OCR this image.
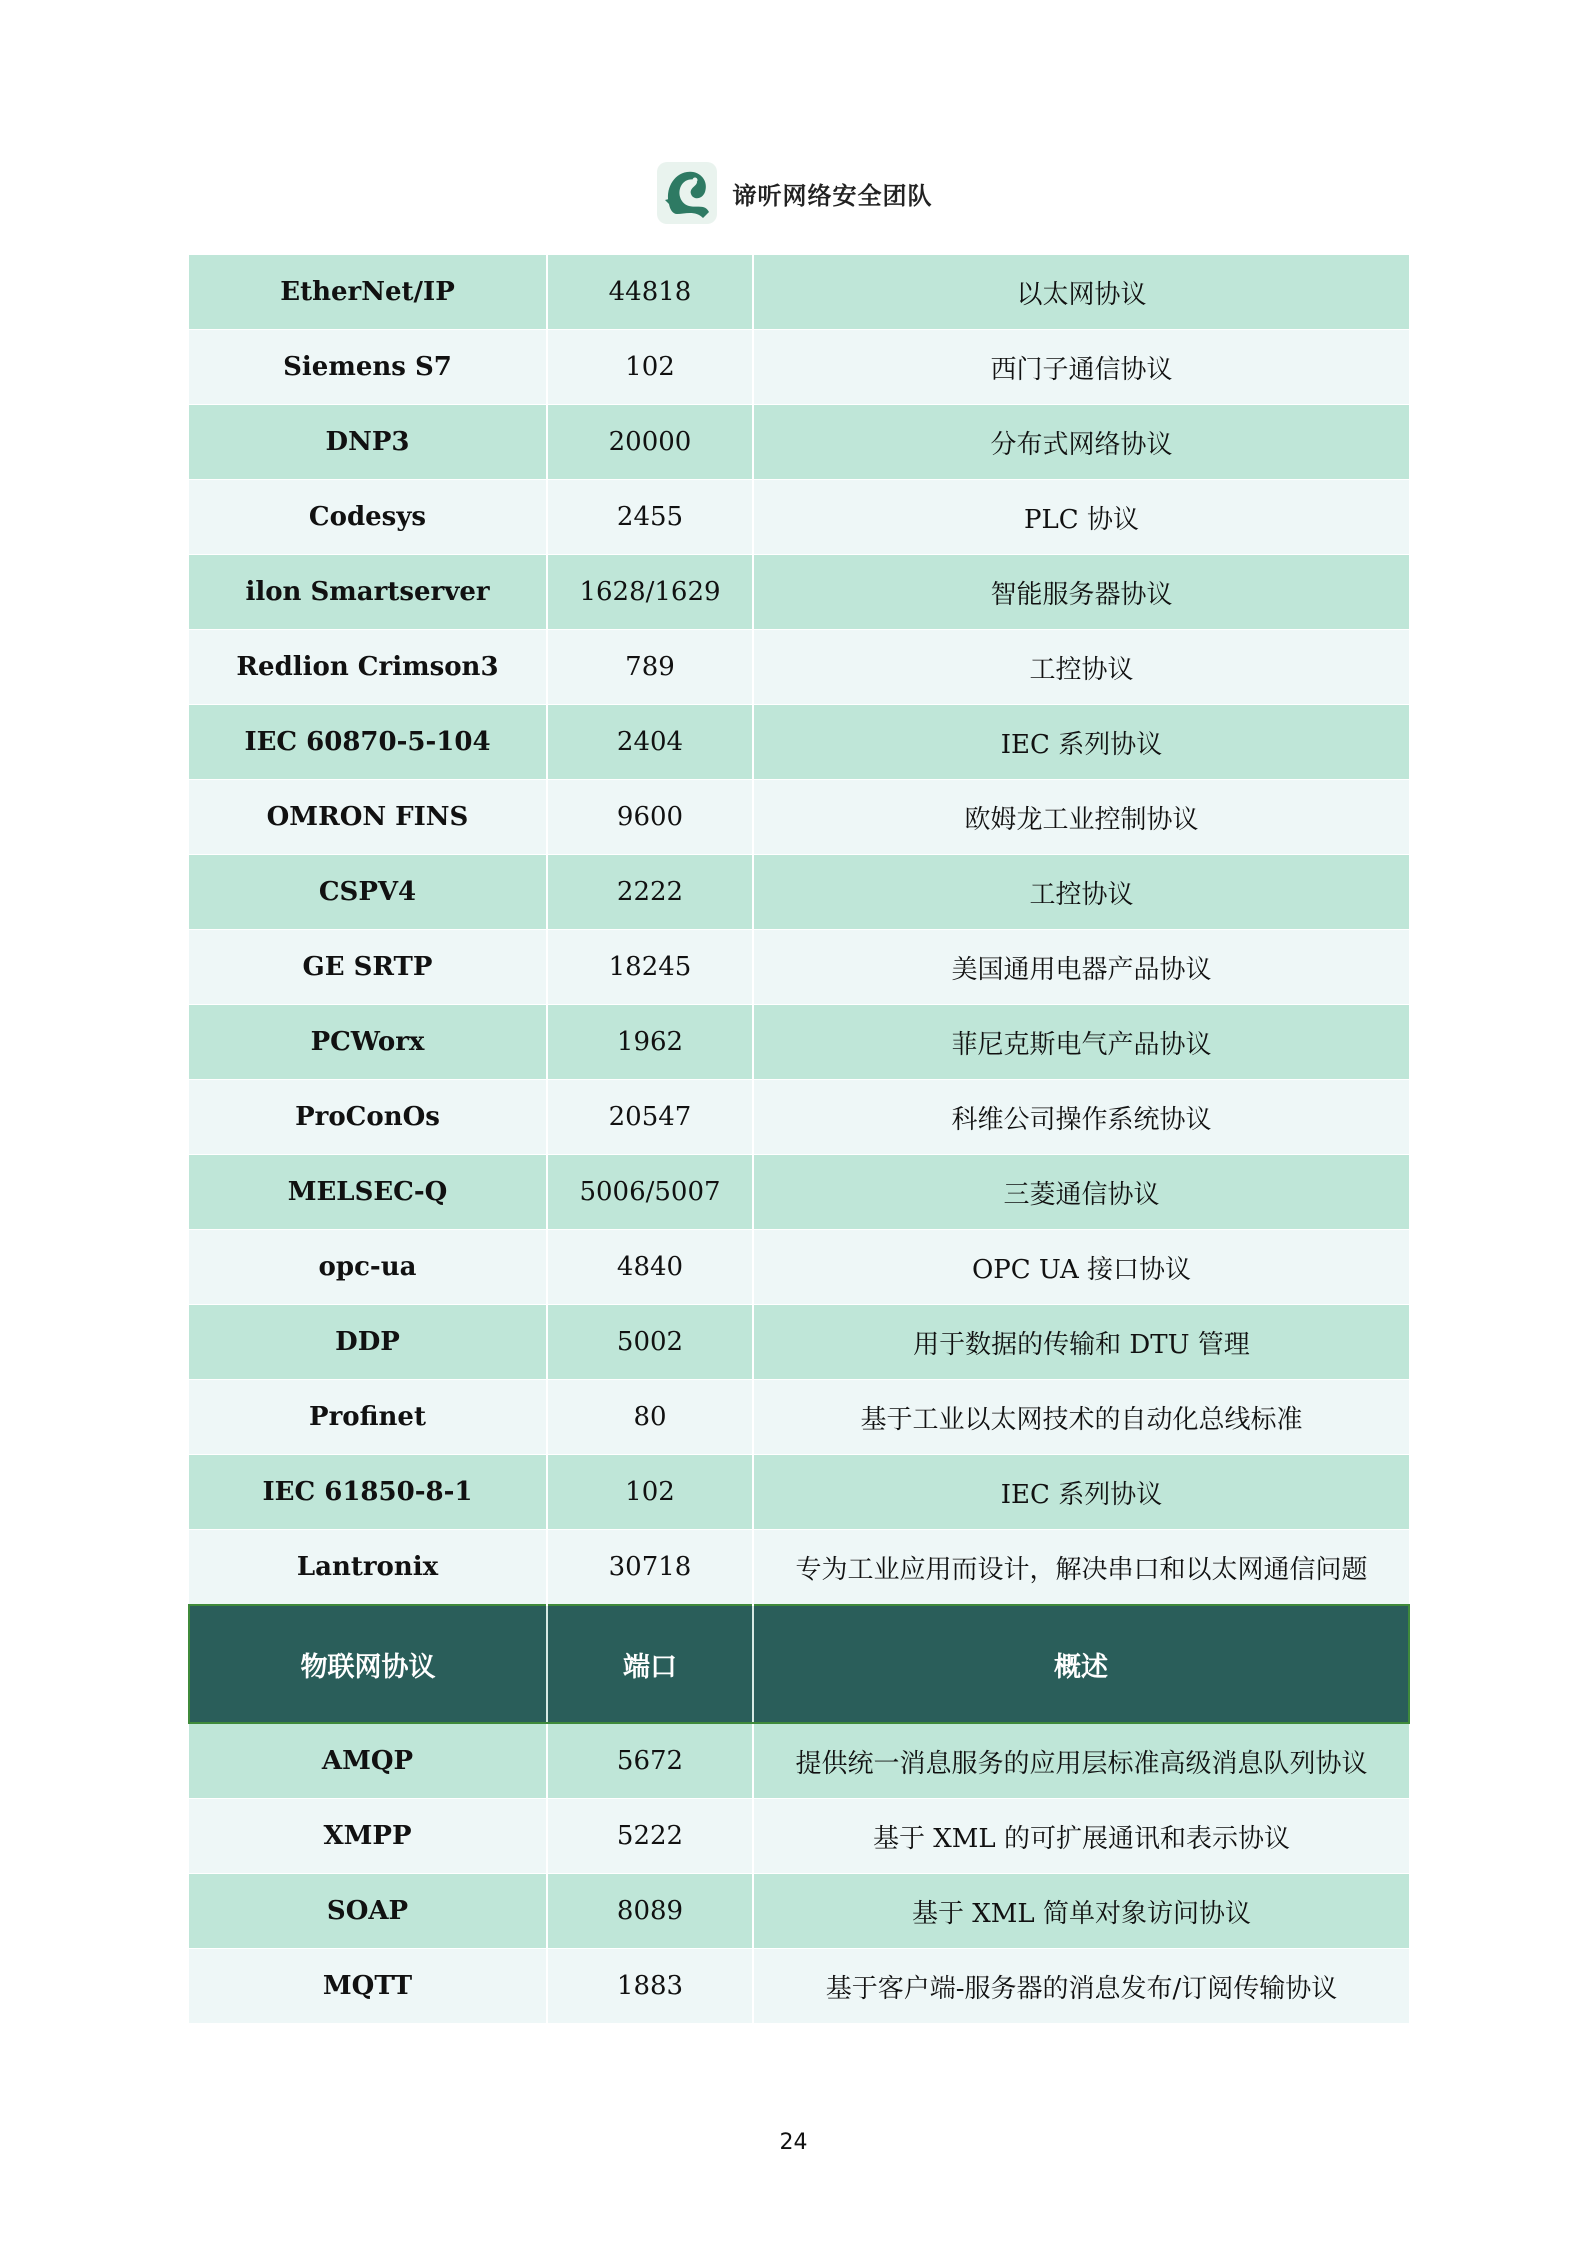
谛听网络安全团队
EtherNet/IP	44818	以太网协议
Siemens S7	102	西门子通信协议
DNP3	20000	分布式网络协议
Codesys	2455	PLC 协议
ilon Smartserver	1628/1629	智能服务器协议
Redlion Crimson3	789	工控协议
IEC 60870-5-104	2404	IEC 系列协议
OMRON FINS	9600	欧姆龙工业控制协议
CSPV4	2222	工控协议
GE SRTP	18245	美国通用电器产品协议
PCWorx	1962	菲尼克斯电气产品协议
ProConOs	20547	科维公司操作系统协议
MELSEC-Q	5006/5007	三菱通信协议
opc-ua	4840	OPC UA 接口协议
DDP	5002	用于数据的传输和 DTU 管理
Profinet	80	基于工业以太网技术的自动化总线标准
IEC 61850-8-1	102	IEC 系列协议
Lantronix	30718	专为工业应用而设计，解决串口和以太网通信问题
物联网协议	端口	概述
AMQP	5672	提供统一消息服务的应用层标准高级消息队列协议
XMPP	5222	基于 XML 的可扩展通讯和表示协议
SOAP	8089	基于 XML 简单对象访问协议
MQTT	1883	基于客户端-服务器的消息发布/订阅传输协议
24
